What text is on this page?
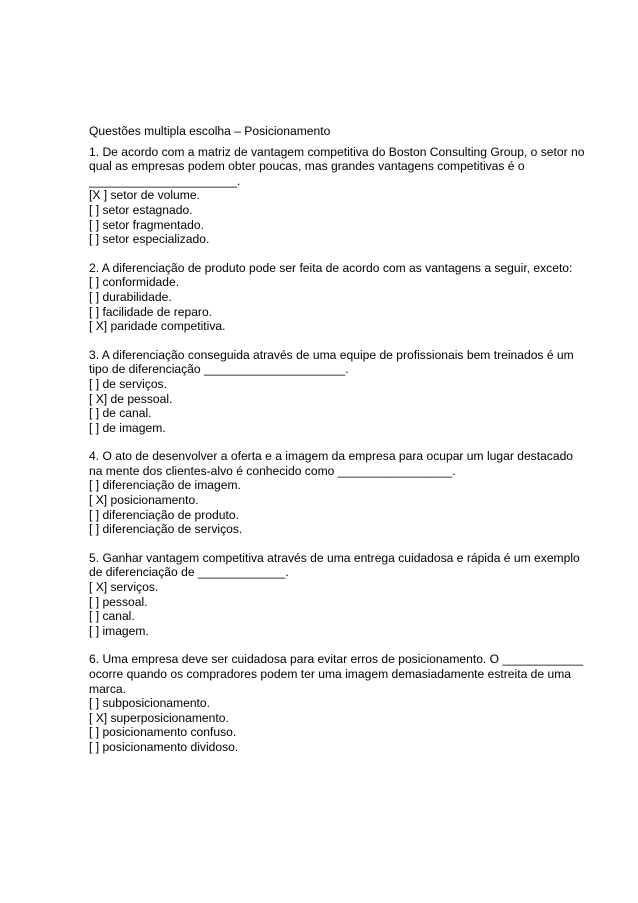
Questões multipla escolha – Posicionamento

1. De acordo com a matriz de vantagem competitiva do Boston Consulting Group, o setor no qual as empresas podem obter poucas, mas grandes vantagens competitivas é o ______________________.

[X ] setor de volume.
[ ] setor estagnado.
[ ] setor fragmentado.
[ ] setor especializado.

2. A diferenciação de produto pode ser feita de acordo com as vantagens a seguir, exceto:

[ ] conformidade.
[ ] durabilidade.
[ ] facilidade de reparo.
[ X] paridade competitiva.

3. A diferenciação conseguida através de uma equipe de profissionais bem treinados é um tipo de diferenciação _____________________.

[ ] de serviços.
[ X] de pessoal.
[ ] de canal.
[ ] de imagem.

4. O ato de desenvolver a oferta e a imagem da empresa para ocupar um lugar destacado na mente dos clientes-alvo é conhecido como _________________.

[ ] diferenciação de imagem.
[ X] posicionamento.
[ ] diferenciação de produto.
[ ] diferenciação de serviços.

5. Ganhar vantagem competitiva através de uma entrega cuidadosa e rápida é um exemplo de diferenciação de _____________.

[ X] serviços.
[ ] pessoal.
[ ] canal.
[ ] imagem.

6. Uma empresa deve ser cuidadosa para evitar erros de posicionamento. O ____________ ocorre quando os compradores podem ter uma imagem demasiadamente estreita de uma marca.

[ ] subposicionamento.
[ X] superposicionamento.
[ ] posicionamento confuso.
[ ] posicionamento dividoso.
